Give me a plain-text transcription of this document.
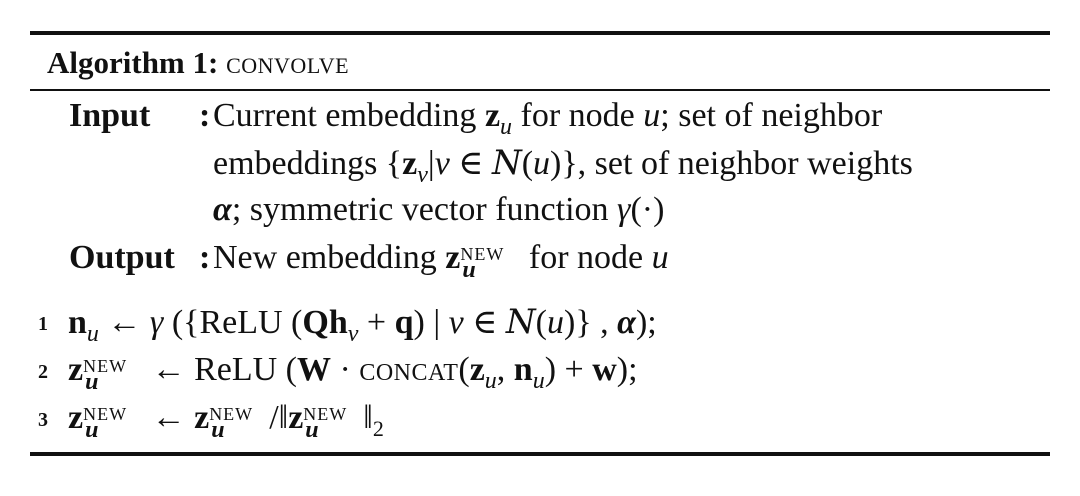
Algorithm 1: convolve
Input : Current embedding $z_u$ for node u; set of neighbor
embeddings {$z_v|v$ ∈ N(u)}, set of neighbor weights
α; symmetric vector function γ(·)
Output : New embedding z NEW
u for node u
1 $n_u$ ← γ ({ReLU $(Qh_v + q)$ | v ∈ N(u)} , α);
2 z NEW
u ← ReLU ($W \cdot concat(z_u$, $n_u) + w$);
3 z NEW
u ← z NEW
u /‖z NEW
u $‖_2$
